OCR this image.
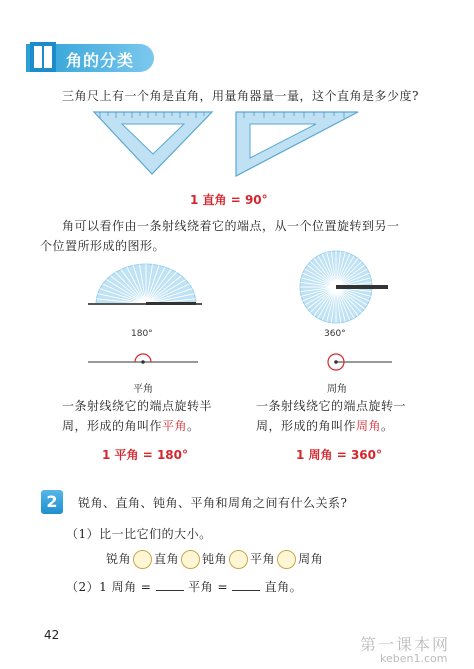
角的分类
三角尺上有一个角是直角，用量角器量一量，这个直角是多少度?
1 直角 = 90°
角可以看作由一条射线绕着它的端点，从一个位置旋转到另一
个位置所形成的图形。
180°	360°
平角	周角
一条射线绕它的端点旋转半
周，形成的角叫作平角。
一条射线绕它的端点旋转一
周，形成的角叫作周角。
1 平角 = 180°	1 周角 = 360°
2	锐角、直角、钝角、平角和周角之间有什么关系?
（1）比一比它们的大小。
锐角 直角 钝角 平角 周角
（2）1 周角 =	平角 =	直角。
42	第一课本网
keben1.com
